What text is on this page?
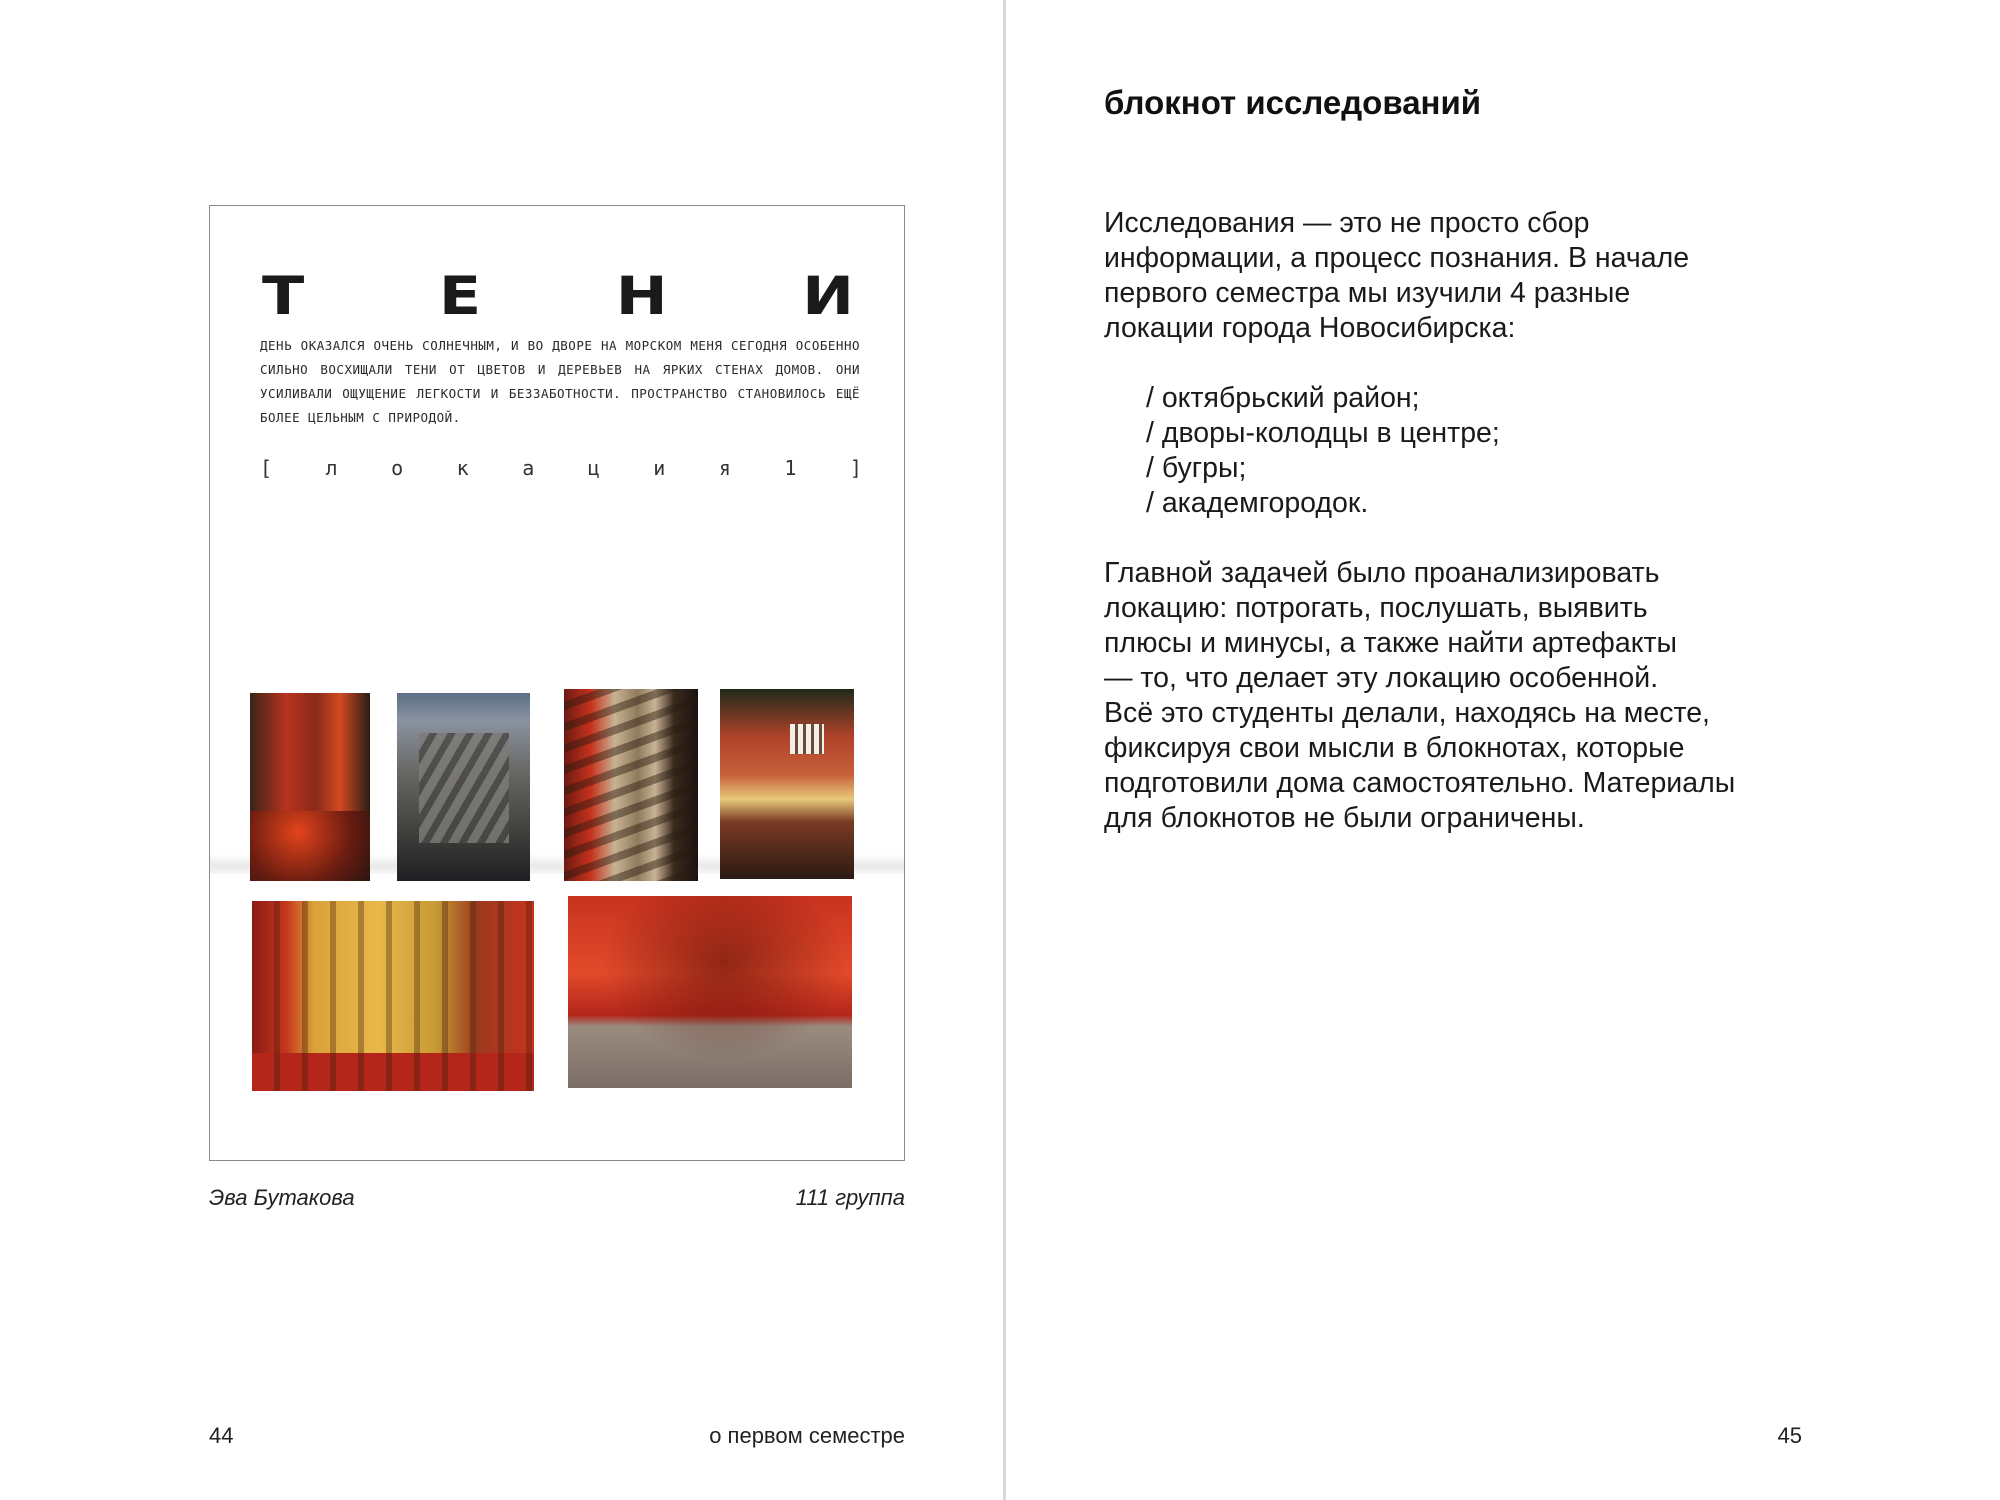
Т Е Н И
ДЕНЬ ОКАЗАЛСЯ ОЧЕНЬ СОЛНЕЧНЫМ, И ВО ДВОРЕ НА МОРСКОМ МЕНЯ СЕГОДНЯ ОСОБЕННО СИЛЬНО ВОСХИЩАЛИ ТЕНИ ОТ ЦВЕТОВ И ДЕРЕВЬЕВ НА ЯРКИХ СТЕНАХ ДОМОВ. ОНИ УСИЛИВАЛИ ОЩУЩЕНИЕ ЛЕГКОСТИ И БЕЗЗАБОТНОСТИ. ПРОСТРАНСТВО СТАНОВИЛОСЬ ЕЩЁ БОЛЕЕ ЦЕЛЬНЫМ С ПРИРОДОЙ.
[	л	о	к	а	ц	и	я	1	]

Эва Бутакова	111 группа

44	о первом семестре

блокнот исследований

Исследования — это не просто сбор
информации, а процесс познания. В начале
первого семестра мы изучили 4 разные
локации города Новосибирска:

/ октябрьский район;
/ дворы-колодцы в центре;
/ бугры;
/ академгородок.

Главной задачей было проанализировать
локацию: потрогать, послушать, выявить
плюсы и минусы, а также найти артефакты
— то, что делает эту локацию особенной.
Всё это студенты делали, находясь на месте,
фиксируя свои мысли в блокнотах, которые
подготовили дома самостоятельно. Материалы
для блокнотов не были ограничены.

45
